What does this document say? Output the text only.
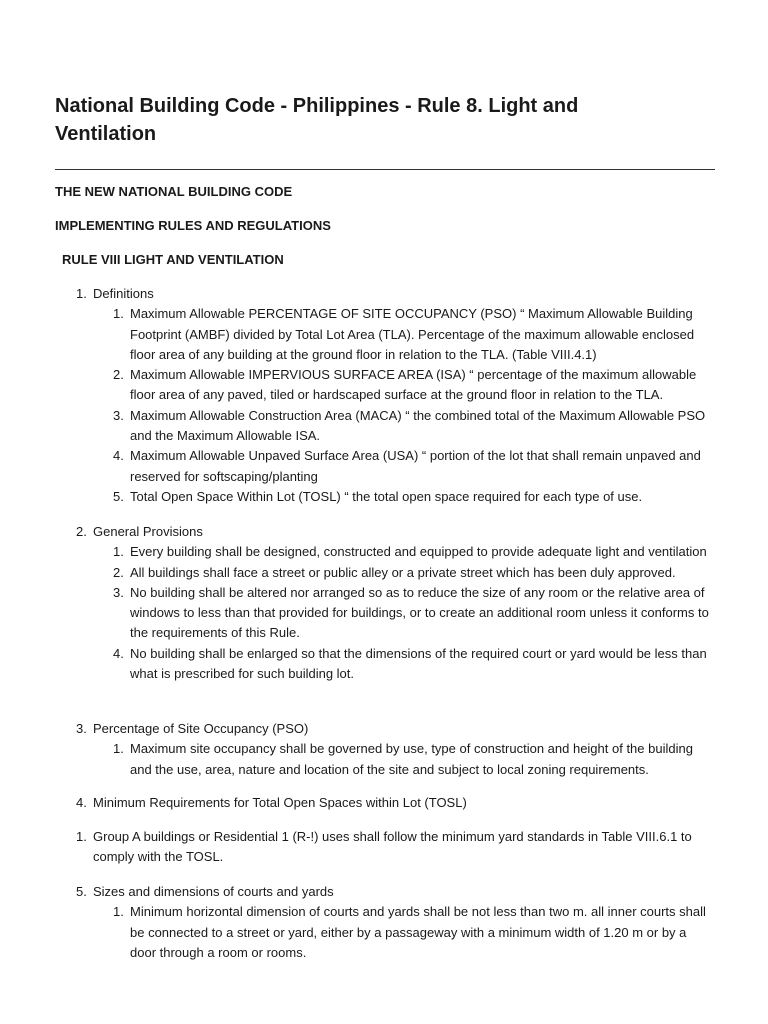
National Building Code - Philippines - Rule 8. Light and Ventilation
THE NEW NATIONAL BUILDING CODE
IMPLEMENTING RULES AND REGULATIONS
RULE VIII LIGHT AND VENTILATION
1. Definitions
1. Maximum Allowable PERCENTAGE OF SITE OCCUPANCY (PSO) “ Maximum Allowable Building Footprint (AMBF) divided by Total Lot Area (TLA). Percentage of the maximum allowable enclosed floor area of any building at the ground floor in relation to the TLA. (Table VIII.4.1)
2. Maximum Allowable IMPERVIOUS SURFACE AREA (ISA) “ percentage of the maximum allowable floor area of any paved, tiled or hardscaped surface at the ground floor in relation to the TLA.
3. Maximum Allowable Construction Area (MACA) “ the combined total of the Maximum Allowable PSO and the Maximum Allowable ISA.
4. Maximum Allowable Unpaved Surface Area (USA) “ portion of the lot that shall remain unpaved and reserved for softscaping/planting
5. Total Open Space Within Lot (TOSL) “ the total open space required for each type of use.
2. General Provisions
1. Every building shall be designed, constructed and equipped to provide adequate light and ventilation
2. All buildings shall face a street or public alley or a private street which has been duly approved.
3. No building shall be altered nor arranged so as to reduce the size of any room or the relative area of windows to less than that provided for buildings, or to create an additional room unless it conforms to the requirements of this Rule.
4. No building shall be enlarged so that the dimensions of the required court or yard would be less than what is prescribed for such building lot.
3. Percentage of Site Occupancy (PSO)
1. Maximum site occupancy shall be governed by use, type of construction and height of the building and the use, area, nature and location of the site and subject to local zoning requirements.
4. Minimum Requirements for Total Open Spaces within Lot (TOSL)
1. Group A buildings or Residential 1 (R-!) uses shall follow the minimum yard standards in Table VIII.6.1 to comply with the TOSL.
5. Sizes and dimensions of courts and yards
1. Minimum horizontal dimension of courts and yards shall be not less than two m. all inner courts shall be connected to a street or yard, either by a passageway with a minimum width of 1.20 m or by a door through a room or rooms.
